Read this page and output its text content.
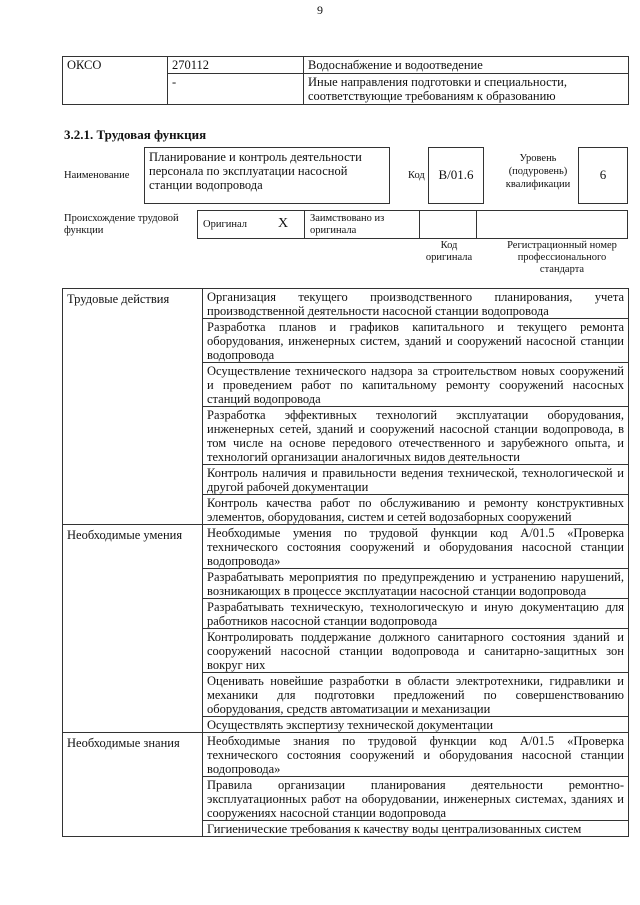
9
ОКСО	270112	Водоснабжение и водоотведение
	-	Иные направления подготовки и специальности, соответствующие требованиям к образованию
3.2.1. Трудовая функция
Наименование
Планирование и контроль деятельности персонала по эксплуатации насосной станции водопровода
Код	В/01.6
Уровень (подуровень) квалификации
6
Происхождение трудовой функции
Оригинал X Заимствовано из оригинала
Код оригинала
Регистрационный номер профессионального стандарта
Трудовые действия	Организация текущего производственного планирования, учета производственной деятельности насосной станции водопровода
	Разработка планов и графиков капитального и текущего ремонта оборудования, инженерных систем, зданий и сооружений насосной станции водопровода
	Осуществление технического надзора за строительством новых сооружений и проведением работ по капитальному ремонту сооружений насосных станций водопровода
	Разработка эффективных технологий эксплуатации оборудования, инженерных сетей, зданий и сооружений насосной станции водопровода, в том числе на основе передового отечественного и зарубежного опыта, и технологий организации аналогичных видов деятельности
	Контроль наличия и правильности ведения технической, технологической и другой рабочей документации
	Контроль качества работ по обслуживанию и ремонту конструктивных элементов, оборудования, систем и сетей водозаборных сооружений
Необходимые умения	Необходимые умения по трудовой функции код А/01.5 «Проверка технического состояния сооружений и оборудования насосной станции водопровода»
	Разрабатывать мероприятия по предупреждению и устранению нарушений, возникающих в процессе эксплуатации насосной станции водопровода
	Разрабатывать техническую, технологическую и иную документацию для работников насосной станции водопровода
	Контролировать поддержание должного санитарного состояния зданий и сооружений насосной станции водопровода и санитарно-защитных зон вокруг них
	Оценивать новейшие разработки в области электротехники, гидравлики и механики для подготовки предложений по совершенствованию оборудования, средств автоматизации и механизации
	Осуществлять экспертизу технической документации
Необходимые знания	Необходимые знания по трудовой функции код А/01.5 «Проверка технического состояния сооружений и оборудования насосной станции водопровода»
	Правила организации планирования деятельности ремонтно-эксплуатационных работ на оборудовании, инженерных системах, зданиях и сооружениях насосной станции водопровода
	Гигиенические требования к качеству воды централизованных систем
